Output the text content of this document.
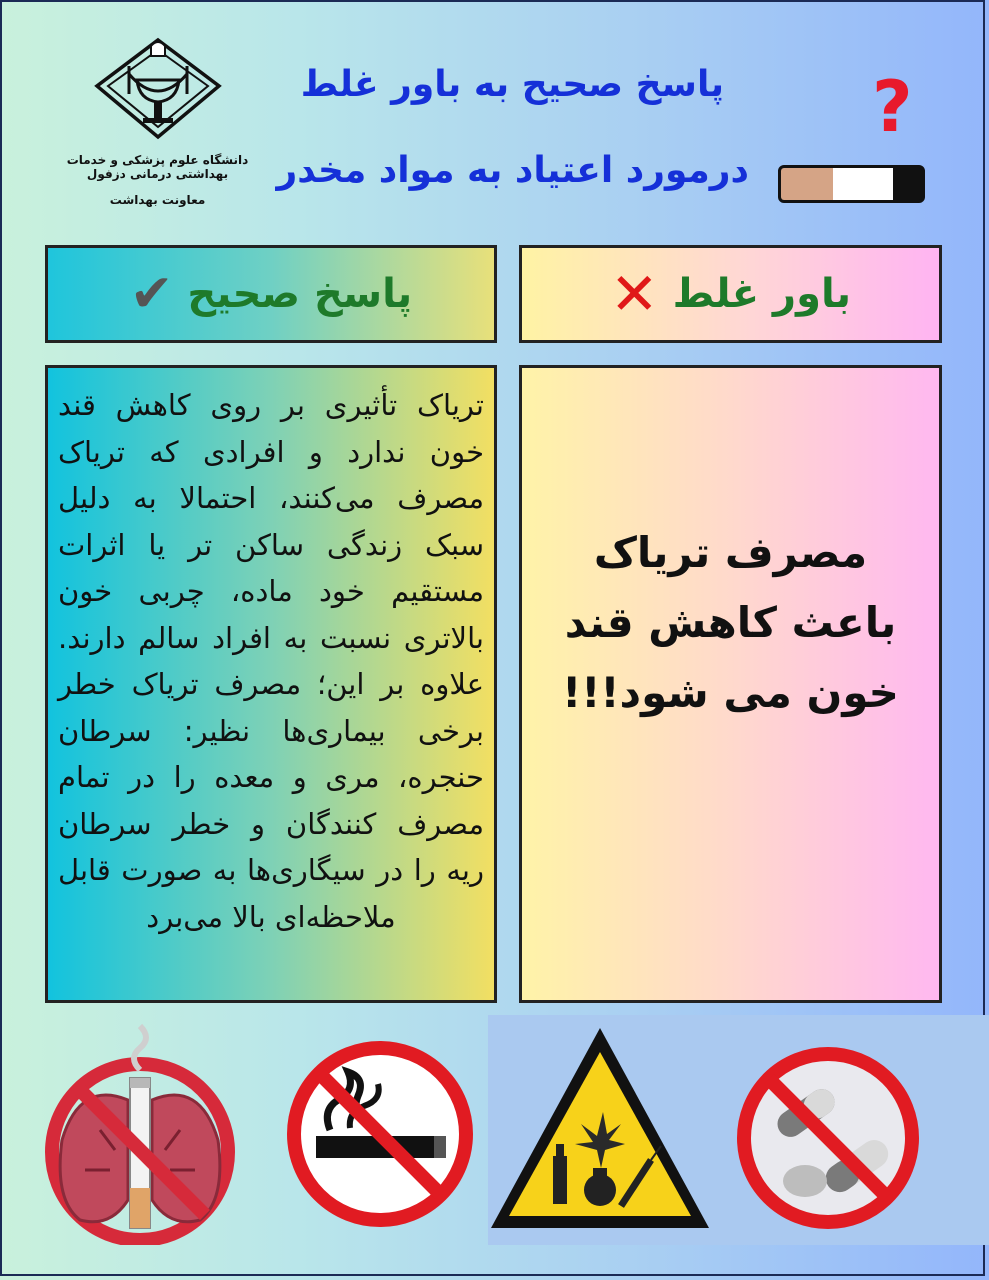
دانشگاه علوم پزشکی و خدمات بهداشتی درمانی دزفول
معاونت بهداشت
پاسخ صحیح به باور غلط
درمورد اعتیاد به مواد مخدر
?
پاسخ صحیح
✔	باور غلط
✕
تریاک تأثیری بر روی کاهش قند خون ندارد و افرادی که تریاک مصرف می‌کنند، احتمالا به دلیل سبک زندگی ساکن تر یا اثرات مستقیم خود ماده، چربی خون بالاتری نسبت به افراد سالم دارند. علاوه بر این؛ مصرف تریاک خطر برخی بیماری‌ها نظیر: سرطان حنجره، مری و معده را در تمام مصرف کنندگان و خطر سرطان ریه را در سیگاری‌ها به صورت قابل ملاحظه‌ای بالا می‌برد
مصرف تریاک باعث کاهش قند خون می شود!!!
